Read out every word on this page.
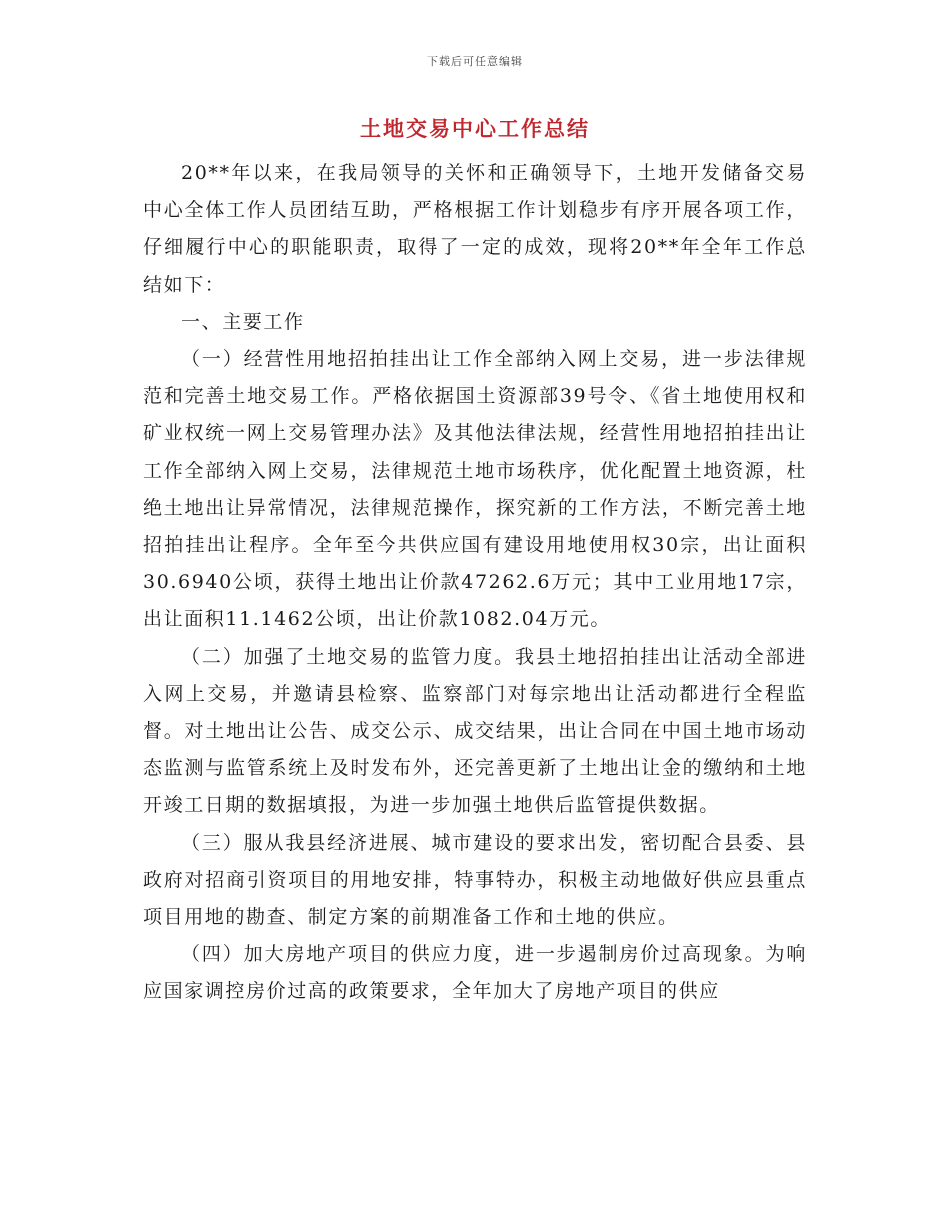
下载后可任意编辑
土地交易中心工作总结

20**年以来，在我局领导的关怀和正确领导下，土地开发储备交易中心全体工作人员团结互助，严格根据工作计划稳步有序开展各项工作，仔细履行中心的职能职责，取得了一定的成效，现将20**年全年工作总结如下：

一、主要工作

（一）经营性用地招拍挂出让工作全部纳入网上交易，进一步法律规范和完善土地交易工作。严格依据国土资源部39号令、《省土地使用权和矿业权统一网上交易管理办法》及其他法律法规，经营性用地招拍挂出让工作全部纳入网上交易，法律规范土地市场秩序，优化配置土地资源，杜绝土地出让异常情况，法律规范操作，探究新的工作方法，不断完善土地招拍挂出让程序。全年至今共供应国有建设用地使用权30宗，出让面积30.6940公顷，获得土地出让价款47262.6万元；其中工业用地17宗，出让面积11.1462公顷，出让价款1082.04万元。

（二）加强了土地交易的监管力度。我县土地招拍挂出让活动全部进入网上交易，并邀请县检察、监察部门对每宗地出让活动都进行全程监督。对土地出让公告、成交公示、成交结果，出让合同在中国土地市场动态监测与监管系统上及时发布外，还完善更新了土地出让金的缴纳和土地开竣工日期的数据填报，为进一步加强土地供后监管提供数据。

（三）服从我县经济进展、城市建设的要求出发，密切配合县委、县政府对招商引资项目的用地安排，特事特办，积极主动地做好供应县重点项目用地的勘查、制定方案的前期准备工作和土地的供应。

（四）加大房地产项目的供应力度，进一步遏制房价过高现象。为响应国家调控房价过高的政策要求，全年加大了房地产项目的供应
